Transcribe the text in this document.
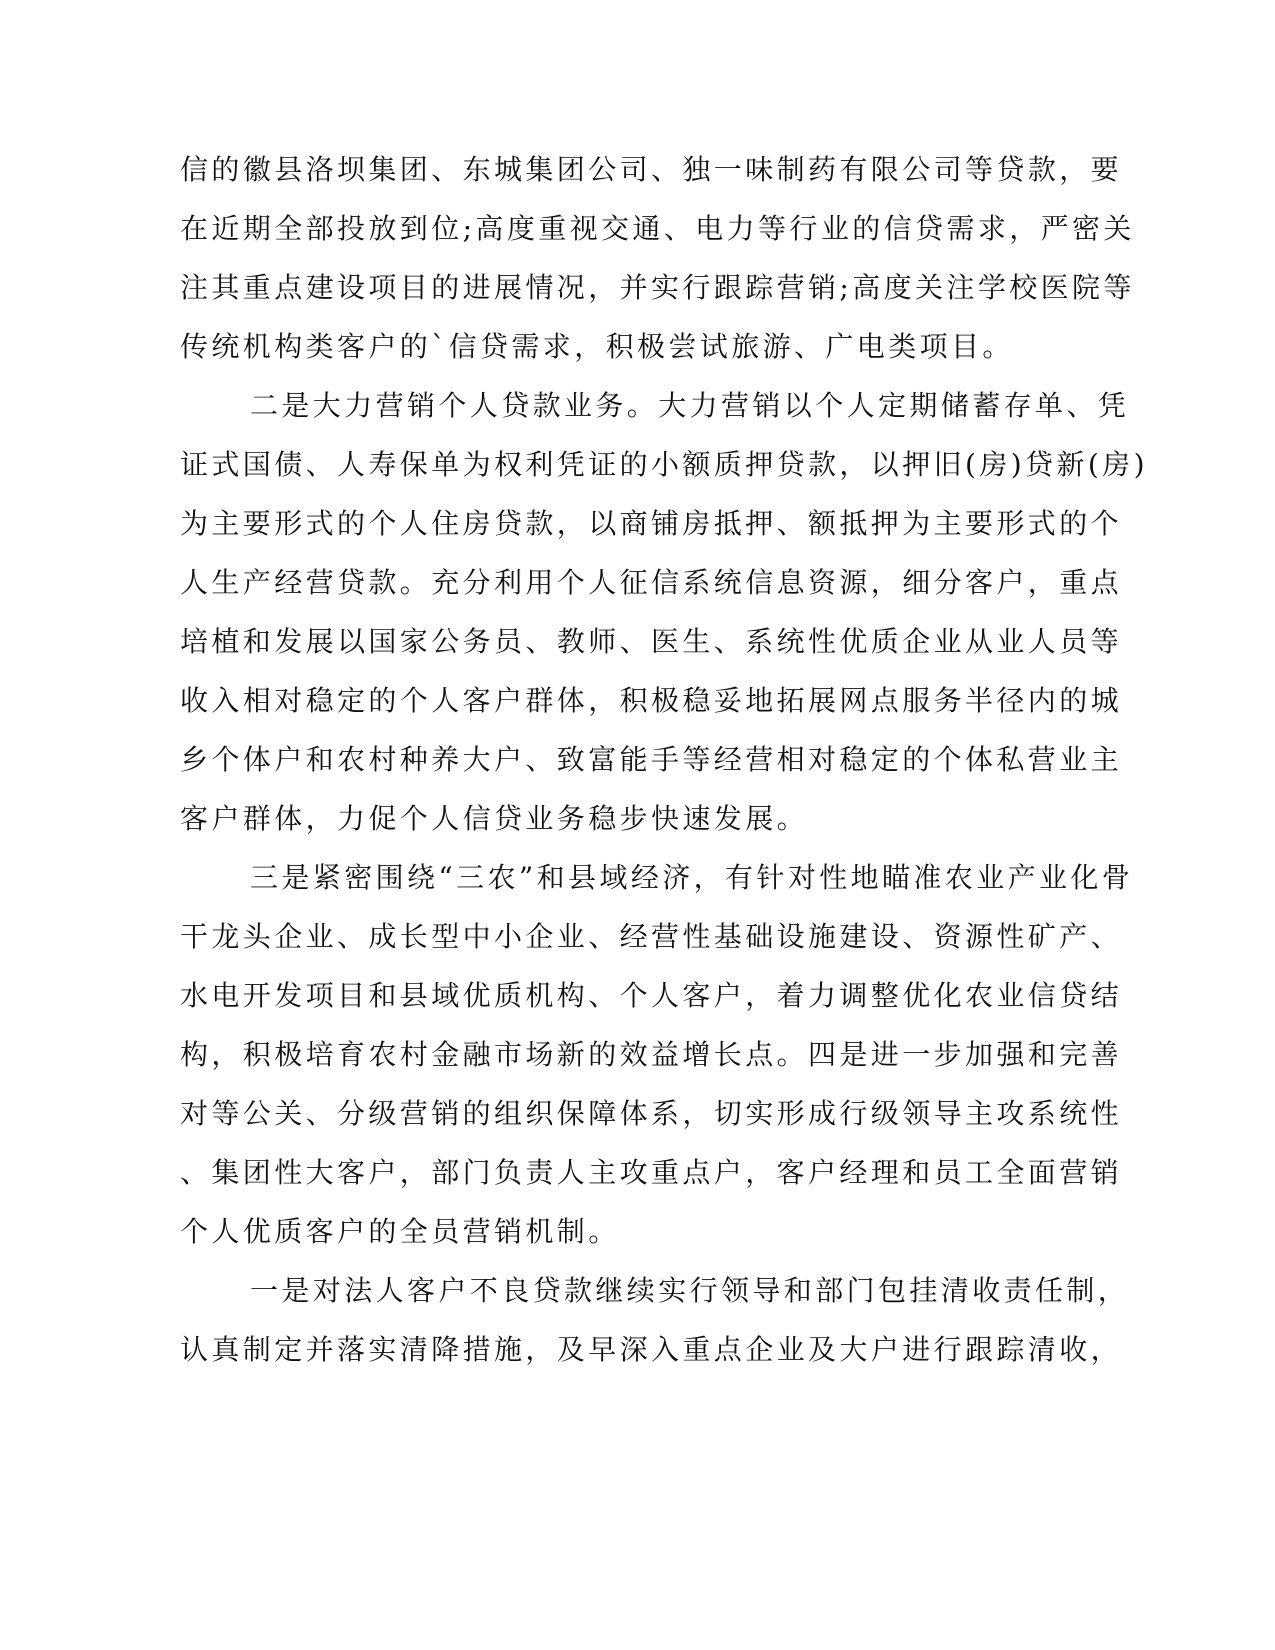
信的徽县洛坝集团、东城集团公司、独一味制药有限公司等贷款，要
在近期全部投放到位;高度重视交通、电力等行业的信贷需求，严密关
注其重点建设项目的进展情况，并实行跟踪营销;高度关注学校医院等
传统机构类客户的`信贷需求，积极尝试旅游、广电类项目。
二是大力营销个人贷款业务。大力营销以个人定期储蓄存单、凭
证式国债、人寿保单为权利凭证的小额质押贷款，以押旧(房)贷新(房)
为主要形式的个人住房贷款，以商铺房抵押、额抵押为主要形式的个
人生产经营贷款。充分利用个人征信系统信息资源，细分客户，重点
培植和发展以国家公务员、教师、医生、系统性优质企业从业人员等
收入相对稳定的个人客户群体，积极稳妥地拓展网点服务半径内的城
乡个体户和农村种养大户、致富能手等经营相对稳定的个体私营业主
客户群体，力促个人信贷业务稳步快速发展。
三是紧密围绕“三农”和县域经济，有针对性地瞄准农业产业化骨
干龙头企业、成长型中小企业、经营性基础设施建设、资源性矿产、
水电开发项目和县域优质机构、个人客户，着力调整优化农业信贷结
构，积极培育农村金融市场新的效益增长点。四是进一步加强和完善
对等公关、分级营销的组织保障体系，切实形成行级领导主攻系统性
、集团性大客户，部门负责人主攻重点户，客户经理和员工全面营销
个人优质客户的全员营销机制。
一是对法人客户不良贷款继续实行领导和部门包挂清收责任制，
认真制定并落实清降措施，及早深入重点企业及大户进行跟踪清收，
